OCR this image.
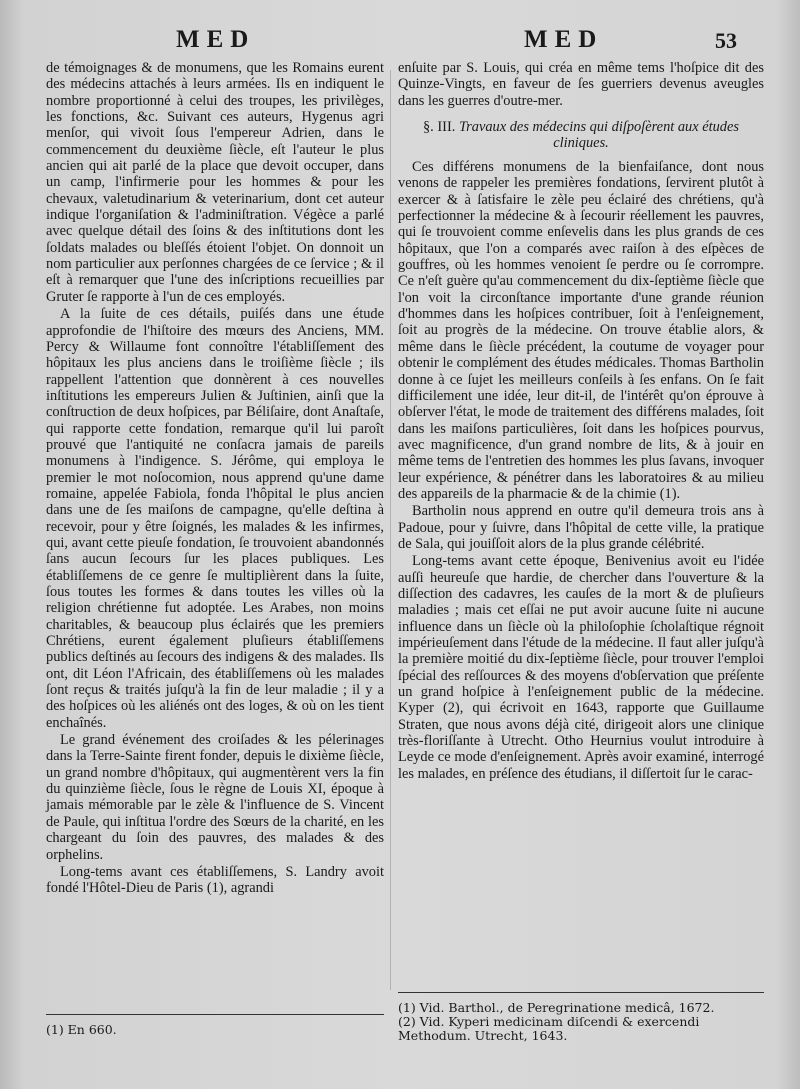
MED	MED	53

de témoignages & de monumens, que les Romains eurent des médecins attachés à leurs armées. Ils en indiquent le nombre proportionné à celui des troupes, les privilèges, les fonctions, &c. Suivant ces auteurs, Hygenus agri menſor, qui vivoit ſous l'empereur Adrien, dans le commencement du deuxième ſiècle, eſt l'auteur le plus ancien qui ait parlé de la place que devoit occuper, dans un camp, l'infirmerie pour les hommes & pour les chevaux, valetudinarium & veterinarium, dont cet auteur indique l'organiſation & l'adminiſtration. Végèce a parlé avec quelque détail des ſoins & des inſtitutions dont les ſoldats malades ou bleſſés étoient l'objet. On donnoit un nom particulier aux perſonnes chargées de ce ſervice ; & il eſt à remarquer que l'une des inſcriptions recueillies par Gruter ſe rapporte à l'un de ces employés.

A la ſuite de ces détails, puiſés dans une étude approfondie de l'hiſtoire des mœurs des Anciens, MM. Percy & Willaume font connoître l'établiſſement des hôpitaux les plus anciens dans le troiſième ſiècle ; ils rappellent l'attention que donnèrent à ces nouvelles inſtitutions les empereurs Julien & Juſtinien, ainſi que la conſtruction de deux hoſpices, par Béliſaire, dont Anaſtaſe, qui rapporte cette fondation, remarque qu'il lui paroît prouvé que l'antiquité ne conſacra jamais de pareils monumens à l'indigence. S. Jérôme, qui employa le premier le mot noſocomion, nous apprend qu'une dame romaine, appelée Fabiola, fonda l'hôpital le plus ancien dans une de ſes maiſons de campagne, qu'elle deſtina à recevoir, pour y être ſoignés, les malades & les infirmes, qui, avant cette pieuſe fondation, ſe trouvoient abandonnés ſans aucun ſecours ſur les places publiques. Les établiſſemens de ce genre ſe multiplièrent dans la ſuite, ſous toutes les formes & dans toutes les villes où la religion chrétienne fut adoptée. Les Arabes, non moins charitables, & beaucoup plus éclairés que les premiers Chrétiens, eurent également pluſieurs établiſſemens publics deſtinés au ſecours des indigens & des malades. Ils ont, dit Léon l'Africain, des établiſſemens où les malades ſont reçus & traités juſqu'à la fin de leur maladie ; il y a des hoſpices où les aliénés ont des loges, & où on les tient enchaînés.

Le grand événement des croiſades & les pélerinages dans la Terre-Sainte firent fonder, depuis le dixième ſiècle, un grand nombre d'hôpitaux, qui augmentèrent vers la fin du quinzième ſiècle, ſous le règne de Louis XI, époque à jamais mémorable par le zèle & l'influence de S. Vincent de Paule, qui inſtitua l'ordre des Sœurs de la charité, en les chargeant du ſoin des pauvres, des malades & des orphelins.

Long-tems avant ces établiſſemens, S. Landry avoit fondé l'Hôtel-Dieu de Paris (1), agrandi

enſuite par S. Louis, qui créa en même tems l'hoſpice dit des Quinze-Vingts, en faveur de ſes guerriers devenus aveugles dans les guerres d'outre-mer.

§. III. Travaux des médecins qui diſpoſèrent aux études cliniques.

Ces différens monumens de la bienfaiſance, dont nous venons de rappeler les premières fondations, ſervirent plutôt à exercer & à ſatisfaire le zèle peu éclairé des chrétiens, qu'à perfectionner la médecine & à ſecourir réellement les pauvres, qui ſe trouvoient comme enſevelis dans les plus grands de ces hôpitaux, que l'on a comparés avec raiſon à des eſpèces de gouffres, où les hommes venoient ſe perdre ou ſe corrompre. Ce n'eſt guère qu'au commencement du dix-ſeptième ſiècle que l'on voit la circonſtance importante d'une grande réunion d'hommes dans les hoſpices contribuer, ſoit à l'enſeignement, ſoit au progrès de la médecine. On trouve établie alors, & même dans le ſiècle précédent, la coutume de voyager pour obtenir le complément des études médicales. Thomas Bartholin donne à ce ſujet les meilleurs conſeils à ſes enfans. On ſe fait difficilement une idée, leur dit-il, de l'intérêt qu'on éprouve à obſerver l'état, le mode de traitement des différens malades, ſoit dans les maiſons particulières, ſoit dans les hoſpices pourvus, avec magnificence, d'un grand nombre de lits, & à jouir en même tems de l'entretien des hommes les plus ſavans, invoquer leur expérience, & pénétrer dans les laboratoires & au milieu des appareils de la pharmacie & de la chimie (1).

Bartholin nous apprend en outre qu'il demeura trois ans à Padoue, pour y ſuivre, dans l'hôpital de cette ville, la pratique de Sala, qui jouiſſoit alors de la plus grande célébrité.

Long-tems avant cette époque, Benivenius avoit eu l'idée auſſi heureuſe que hardie, de chercher dans l'ouverture & la diſſection des cadavres, les cauſes de la mort & de pluſieurs maladies ; mais cet eſſai ne put avoir aucune ſuite ni aucune influence dans un ſiècle où la philoſophie ſcholaſtique régnoit impérieuſement dans l'étude de la médecine. Il faut aller juſqu'à la première moitié du dix-ſeptième ſiècle, pour trouver l'emploi ſpécial des reſſources & des moyens d'obſervation que préſente un grand hoſpice à l'enſeignement public de la médecine. Kyper (2), qui écrivoit en 1643, rapporte que Guillaume Straten, que nous avons déjà cité, dirigeoit alors une clinique très-floriſſante à Utrecht. Otho Heurnius voulut introduire à Leyde ce mode d'enſeignement. Après avoir examiné, interrogé les malades, en préſence des étudians, il diſſertoit ſur le carac-

(1) En 660.

(1) Vid. Barthol., de Peregrinatione medicâ, 1672.

(2) Vid. Kyperi medicinam diſcendi & exercendi Methodum. Utrecht, 1643.
